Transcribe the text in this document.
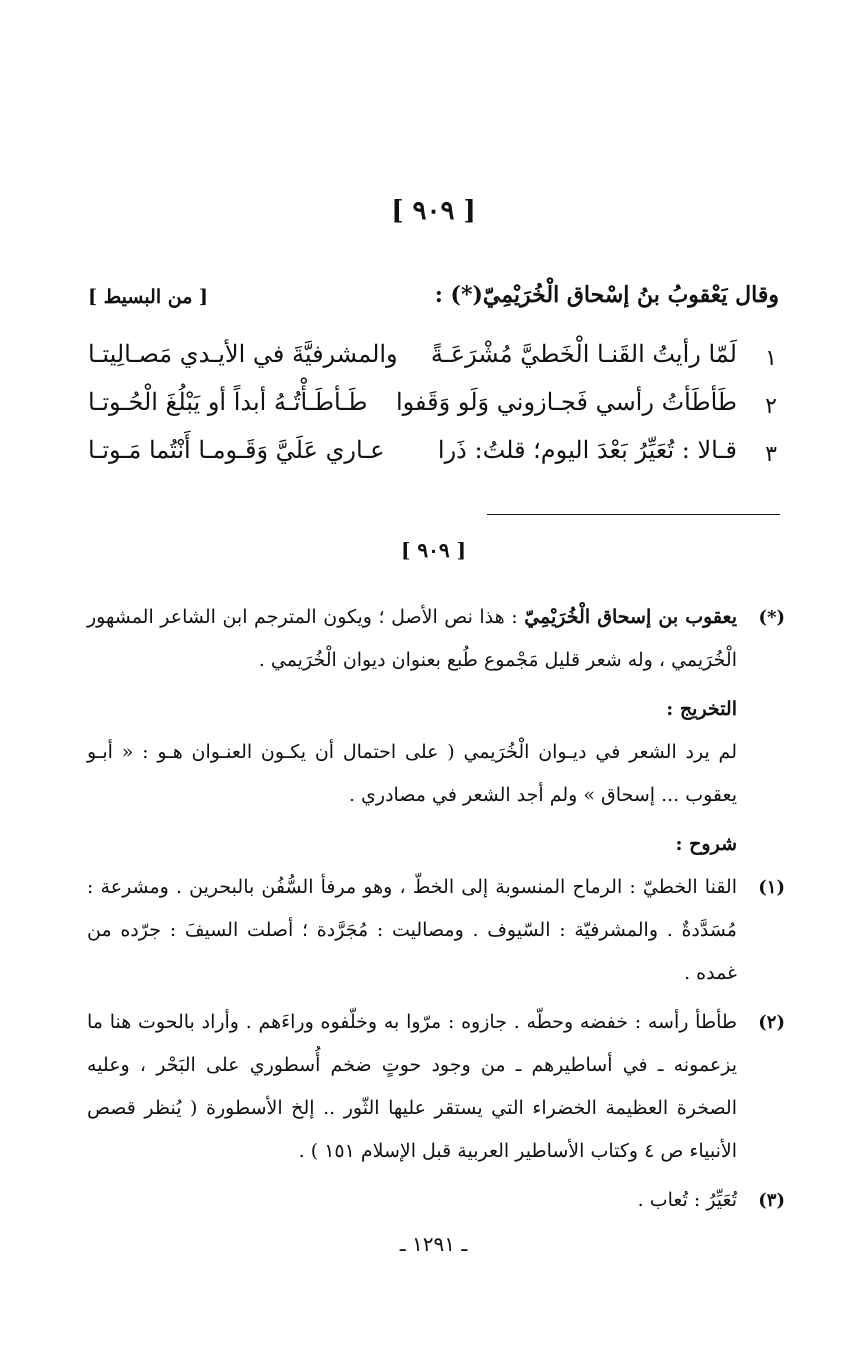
[ ٩٠٩ ]
وقال يَعْقوبُ بنُ إسْحاق الْخُرَيْمِيّ(*) :
[ من البسيط ]
١
لَمّا رأيتُ القَنـا الْخَطيَّ مُشْرَعَـةً
والمشرفيَّةَ في الأيـدي مَصـالِيتـا
٢
طَأطَأتُ رأسي فَجـازوني وَلَو وَقَفوا
طَـأطَـأْتُـهُ أبداً أو يَبْلُغَ الْحُـوتـا
٣
قـالا : تُعَيِّرُ بَعْدَ اليوم؛ قلتُ: ذَرا
عـاري عَلَيَّ وَقَـومـا أَنْتُما مَـوتـا
[ ٩٠٩ ]
(*)
يعقوب بن إسحاق الْخُرَيْمِيّ : هذا نص الأصل ؛ ويكون المترجم ابن الشاعر المشهور الْخُرَيمي ، وله شعر قليل مَجْموع طُبع بعنوان ديوان الْخُرَيمي .
التخريج :
لم يرد الشعر في ديـوان الْخُرَيمي ( على احتمال أن يكـون العنـوان هـو : « أبـو يعقوب ... إسحاق » ولم أجد الشعر في مصادري .
شروح :
(١)
القنا الخطيّ : الرماح المنسوبة إلى الخطّ ، وهو مرفأ السُّفُن بالبحرين . ومشرعة : مُسَدَّدةٌ . والمشرفيّة : السّيوف . ومصاليت : مُجَرَّدة ؛ أصلت السيفَ : جرّده من غمده .
(٢)
طأطأ رأسه : خفضه وحطّه . جازوه : مرّوا به وخلّفوه وراءَهم . وأراد بالحوت هنا ما يزعمونه ـ في أساطيرهم ـ من وجود حوتٍ ضخم أُسطوري على البَحْر ، وعليه الصخرة العظيمة الخضراء التي يستقر عليها الثّور .. إلخ الأسطورة ( يُنظر قصص الأنبياء ص ٤ وكتاب الأساطير العربية قبل الإسلام ١٥١ ) .
(٣)
تُعَيِّرُ : تُعاب .
ـ ١٢٩١ ـ
